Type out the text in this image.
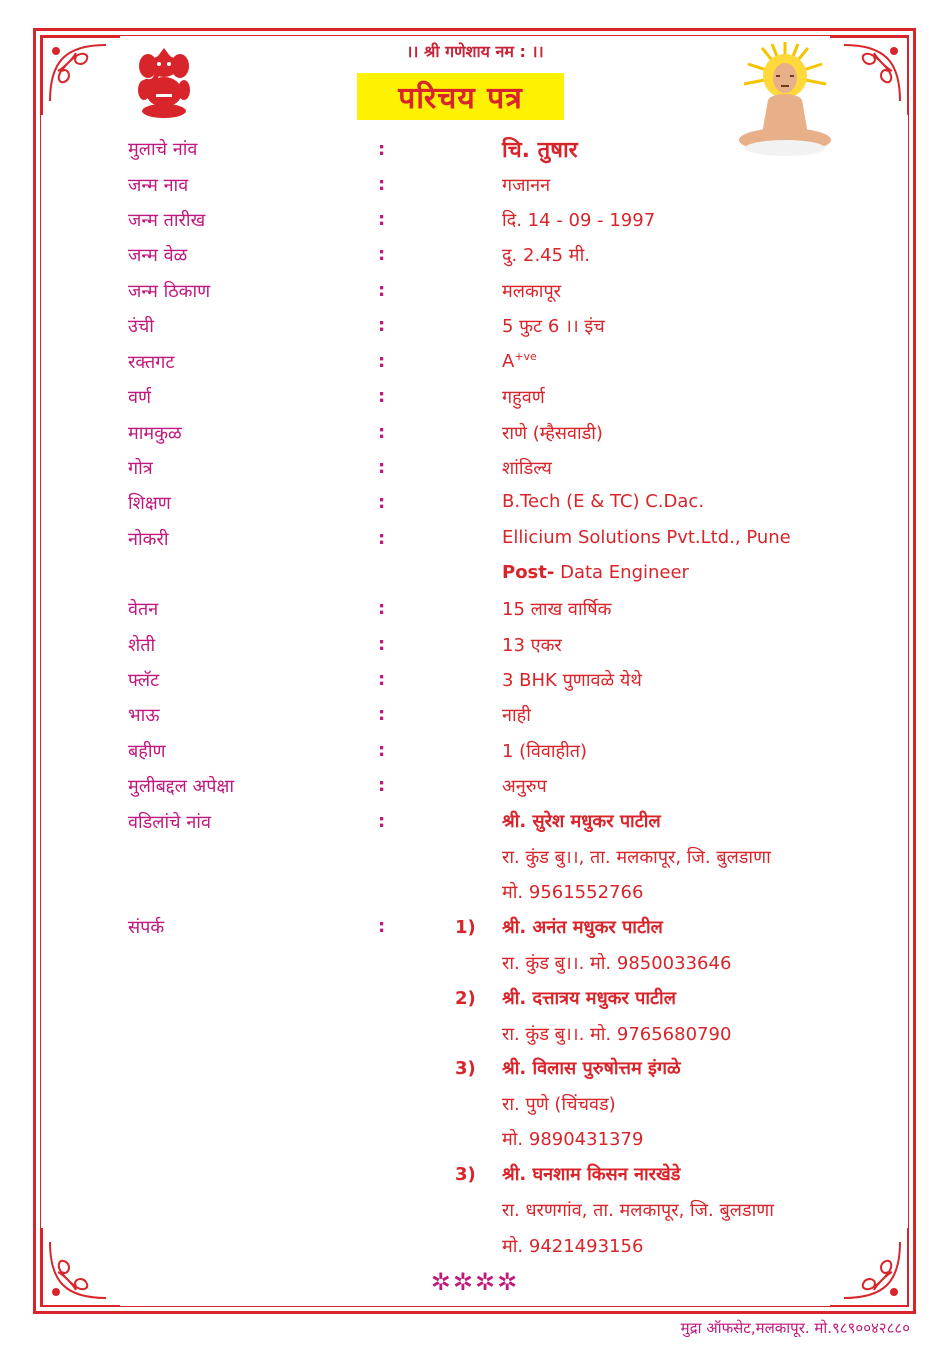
।। श्री गणेशाय नम : ।।
परिचय पत्र
मुलाचे नांव	:	चि. तुषार
जन्म नाव	:	गजानन
जन्म तारीख	:	दि. 14 - 09 - 1997
जन्म वेळ	:	दु. 2.45 मी.
जन्म ठिकाण	:	मलकापूर
उंची	:	5 फुट 6 ।। इंच
रक्तगट	:	$A^{+ve}$
वर्ण	:	गहुवर्ण
मामकुळ	:	राणे (म्हैसवाडी)
गोत्र	:	शांडिल्य
शिक्षण	:	B.Tech (E & TC) C.Dac.
नोकरी	:	Ellicium Solutions Pvt.Ltd., Pune
Post- Data Engineer
वेतन	:	15 लाख वार्षिक
शेती	:	13 एकर
फ्लॅट	:	3 BHK पुणावळे येथे
भाऊ	:	नाही
बहीण	:	1 (विवाहीत)
मुलीबद्दल अपेक्षा	:	अनुरुप
वडिलांचे नांव	:	श्री. सुरेश मधुकर पाटील
रा. कुंड बु।।, ता. मलकापूर, जि. बुलडाणा
मो. 9561552766
संपर्क	:	1) श्री. अनंत मधुकर पाटील
रा. कुंड बु।।. मो. 9850033646
2) श्री. दत्तात्रय मधुकर पाटील
रा. कुंड बु।।. मो. 9765680790
3) श्री. विलास पुरुषोत्तम इंगळे
रा. पुणे (चिंचवड)
मो. 9890431379
3) श्री. घनशाम किसन नारखेडे
रा. धरणगांव, ता. मलकापूर, जि. बुलडाणा
मो. 9421493156
✲✲✲✲
मुद्रा ऑफसेट,मलकापूर. मो.९८९००४२८८०
